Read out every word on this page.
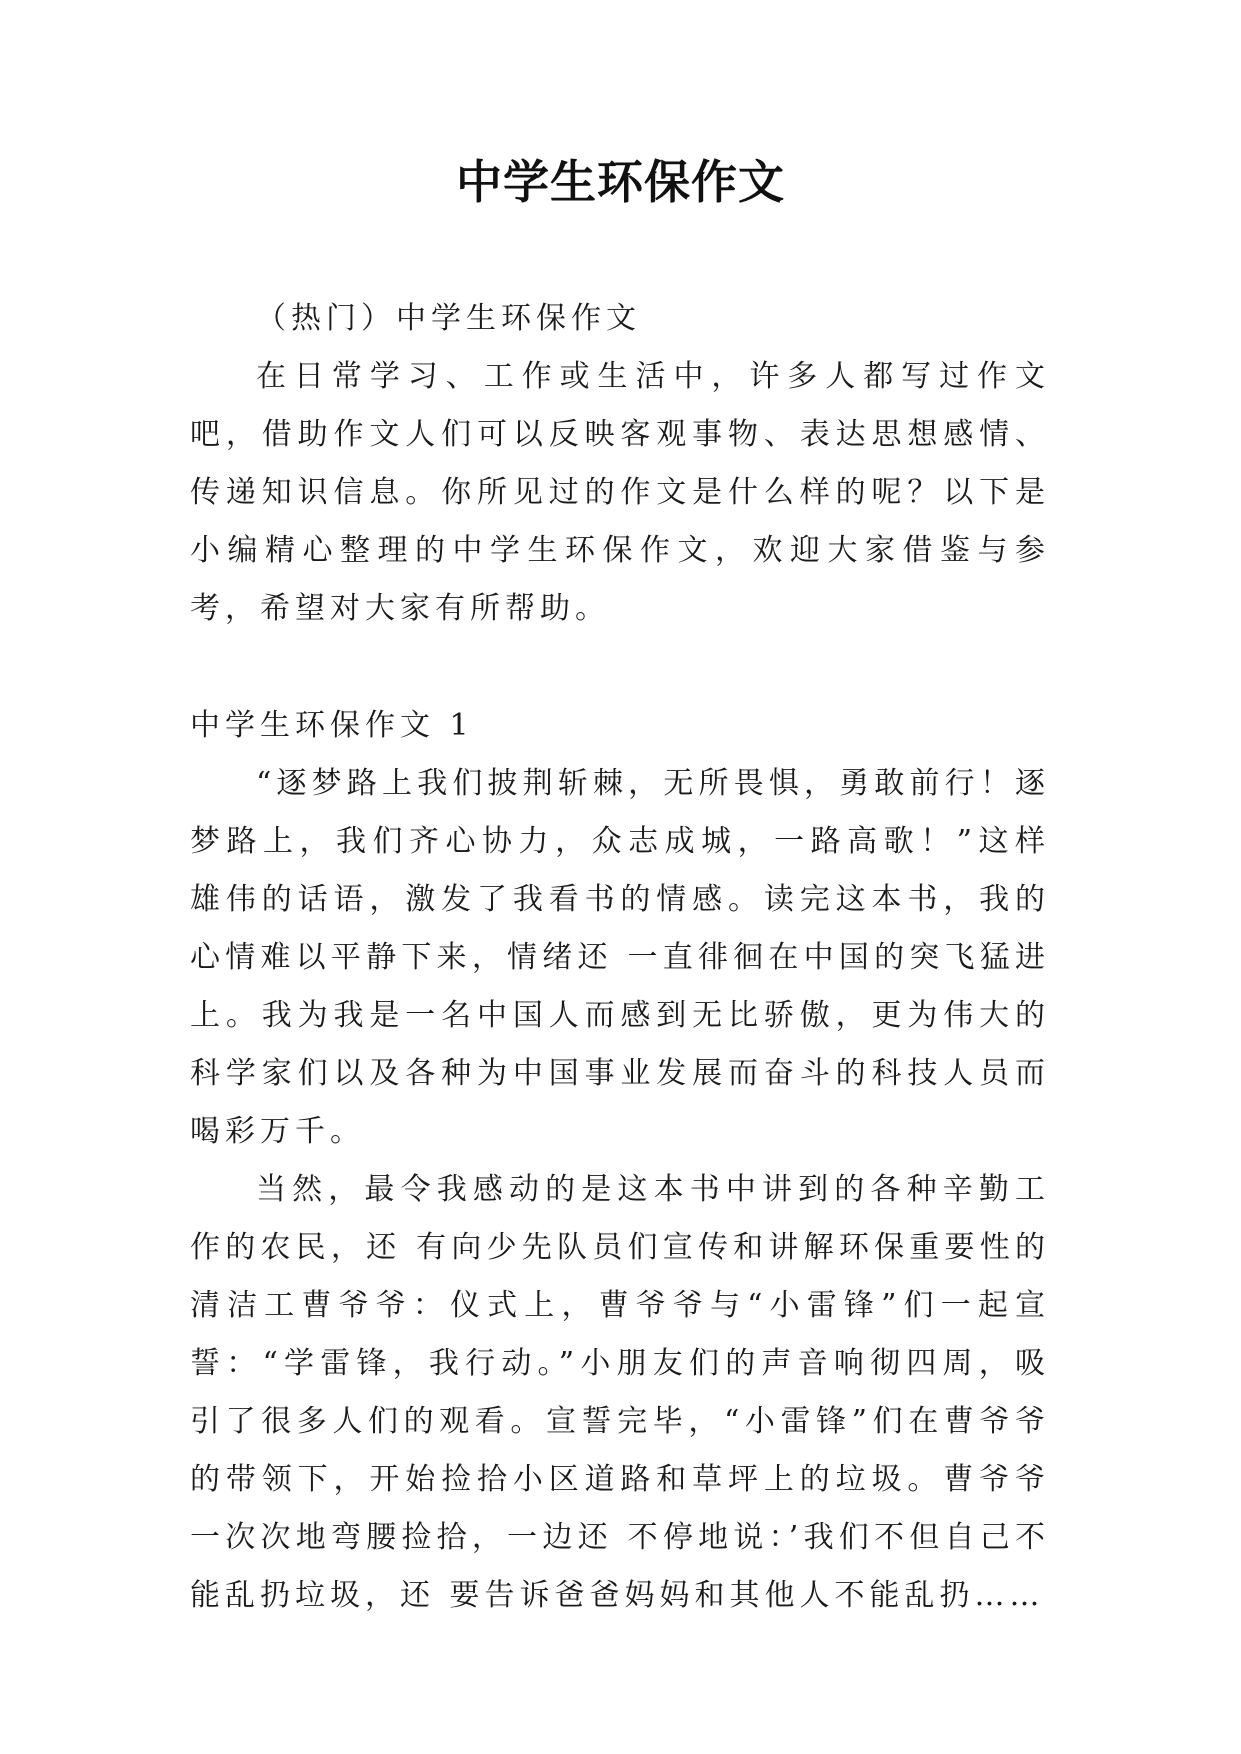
中学生环保作文
（热门）中学生环保作文

在日常学习、工作或生活中，许多人都写过作文吧，借助作文人们可以反映客观事物、表达思想感情、传递知识信息。你所见过的作文是什么样的呢？以下是小编精心整理的中学生环保作文，欢迎大家借鉴与参考，希望对大家有所帮助。

中学生环保作文 1

“逐梦路上我们披荆斩棘，无所畏惧，勇敢前行！逐梦路上，我们齐心协力，众志成城，一路高歌！”这样雄伟的话语，激发了我看书的情感。读完这本书，我的心情难以平静下来，情绪还 一直徘徊在中国的突飞猛进上。我为我是一名中国人而感到无比骄傲，更为伟大的科学家们以及各种为中国事业发展而奋斗的科技人员而喝彩万千。

当然，最令我感动的是这本书中讲到的各种辛勤工作的农民，还 有向少先队员们宣传和讲解环保重要性的清洁工曹爷爷：仪式上，曹爷爷与“小雷锋”们一起宣誓：“学雷锋，我行动。”小朋友们的声音响彻四周，吸引了很多人们的观看。宣誓完毕，“小雷锋”们在曹爷爷的带领下，开始捡拾小区道路和草坪上的垃圾。曹爷爷一次次地弯腰捡拾，一边还 不停地说：’我们不但自己不能乱扔垃圾，还 要告诉爸爸妈妈和其他人不能乱扔……
